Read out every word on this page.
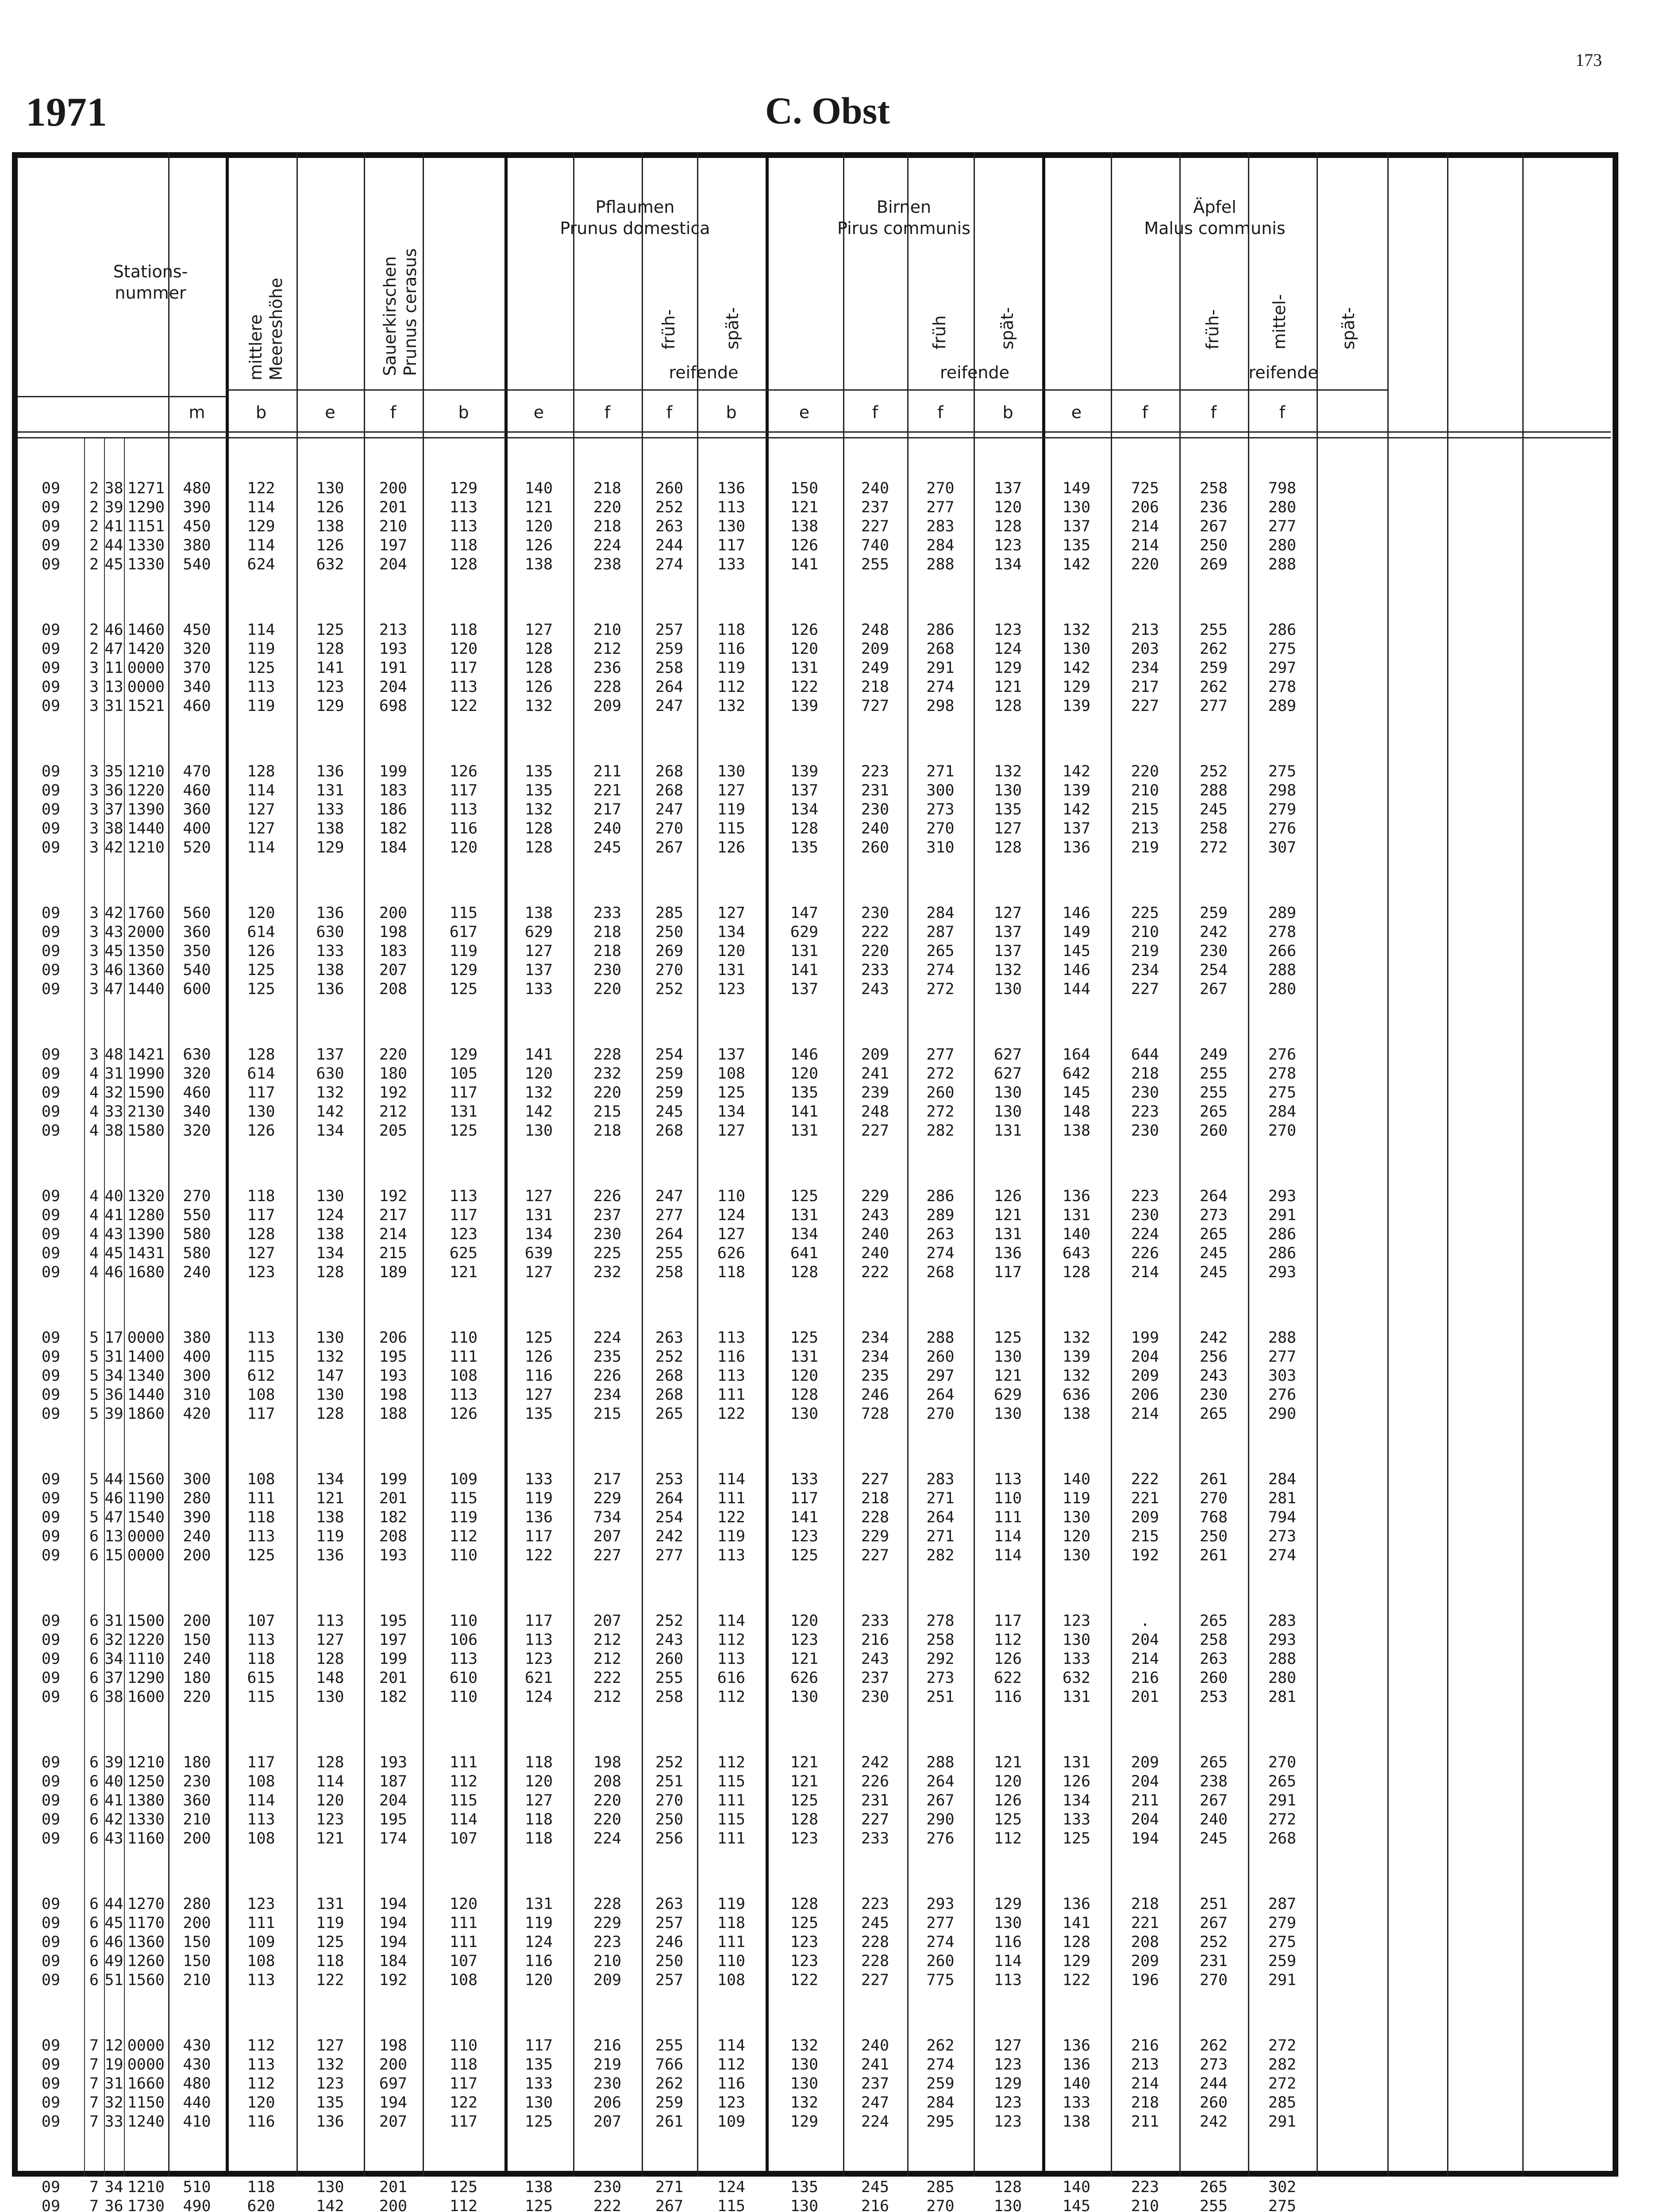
173
1971	C. Obst
Stations-
nummer
mittlere
Meereshöhe	Sauerkirschen
Prunus cerasus
Pflaumen
Prunus domestica
Birnen
Pirus communis
Äpfel
Malus communis
früh-	spät-	früh	spät-	früh-	mittel-	spät-
reifende	reifende	reifende
m	b	e	f	b	e	f	f	b	e	f	f	b	e	f	f	f
09	2 38 1271	480	122	130	200	129	140	218	260	136	150	240	270	137	149	725	258	798
09	2 39 1290	390	114	126	201	113	121	220	252	113	121	237	277	120	130	206	236	280
09	2 41 1151	450	129	138	210	113	120	218	263	130	138	227	283	128	137	214	267	277
09	2 44 1330	380	114	126	197	118	126	224	244	117	126	740	284	123	135	214	250	280
09	2 45 1330	540	624	632	204	128	138	238	274	133	141	255	288	134	142	220	269	288
09	2 46 1460	450	114	125	213	118	127	210	257	118	126	248	286	123	132	213	255	286
09	2 47 1420	320	119	128	193	120	128	212	259	116	120	209	268	124	130	203	262	275
09	3 11 0000	370	125	141	191	117	128	236	258	119	131	249	291	129	142	234	259	297
09	3 13 0000	340	113	123	204	113	126	228	264	112	122	218	274	121	129	217	262	278
09	3 31 1521	460	119	129	698	122	132	209	247	132	139	727	298	128	139	227	277	289
09	3 35 1210	470	128	136	199	126	135	211	268	130	139	223	271	132	142	220	252	275
09	3 36 1220	460	114	131	183	117	135	221	268	127	137	231	300	130	139	210	288	298
09	3 37 1390	360	127	133	186	113	132	217	247	119	134	230	273	135	142	215	245	279
09	3 38 1440	400	127	138	182	116	128	240	270	115	128	240	270	127	137	213	258	276
09	3 42 1210	520	114	129	184	120	128	245	267	126	135	260	310	128	136	219	272	307
09	3 42 1760	560	120	136	200	115	138	233	285	127	147	230	284	127	146	225	259	289
09	3 43 2000	360	614	630	198	617	629	218	250	134	629	222	287	137	149	210	242	278
09	3 45 1350	350	126	133	183	119	127	218	269	120	131	220	265	137	145	219	230	266
09	3 46 1360	540	125	138	207	129	137	230	270	131	141	233	274	132	146	234	254	288
09	3 47 1440	600	125	136	208	125	133	220	252	123	137	243	272	130	144	227	267	280
09	3 48 1421	630	128	137	220	129	141	228	254	137	146	209	277	627	164	644	249	276
09	4 31 1990	320	614	630	180	105	120	232	259	108	120	241	272	627	642	218	255	278
09	4 32 1590	460	117	132	192	117	132	220	259	125	135	239	260	130	145	230	255	275
09	4 33 2130	340	130	142	212	131	142	215	245	134	141	248	272	130	148	223	265	284
09	4 38 1580	320	126	134	205	125	130	218	268	127	131	227	282	131	138	230	260	270
09	4 40 1320	270	118	130	192	113	127	226	247	110	125	229	286	126	136	223	264	293
09	4 41 1280	550	117	124	217	117	131	237	277	124	131	243	289	121	131	230	273	291
09	4 43 1390	580	128	138	214	123	134	230	264	127	134	240	263	131	140	224	265	286
09	4 45 1431	580	127	134	215	625	639	225	255	626	641	240	274	136	643	226	245	286
09	4 46 1680	240	123	128	189	121	127	232	258	118	128	222	268	117	128	214	245	293
09	5 17 0000	380	113	130	206	110	125	224	263	113	125	234	288	125	132	199	242	288
09	5 31 1400	400	115	132	195	111	126	235	252	116	131	234	260	130	139	204	256	277
09	5 34 1340	300	612	147	193	108	116	226	268	113	120	235	297	121	132	209	243	303
09	5 36 1440	310	108	130	198	113	127	234	268	111	128	246	264	629	636	206	230	276
09	5 39 1860	420	117	128	188	126	135	215	265	122	130	728	270	130	138	214	265	290
09	5 44 1560	300	108	134	199	109	133	217	253	114	133	227	283	113	140	222	261	284
09	5 46 1190	280	111	121	201	115	119	229	264	111	117	218	271	110	119	221	270	281
09	5 47 1540	390	118	138	182	119	136	734	254	122	141	228	264	111	130	209	768	794
09	6 13 0000	240	113	119	208	112	117	207	242	119	123	229	271	114	120	215	250	273
09	6 15 0000	200	125	136	193	110	122	227	277	113	125	227	282	114	130	192	261	274
09	6 31 1500	200	107	113	195	110	117	207	252	114	120	233	278	117	123	.	265	283
09	6 32 1220	150	113	127	197	106	113	212	243	112	123	216	258	112	130	204	258	293
09	6 34 1110	240	118	128	199	113	123	212	260	113	121	243	292	126	133	214	263	288
09	6 37 1290	180	615	148	201	610	621	222	255	616	626	237	273	622	632	216	260	280
09	6 38 1600	220	115	130	182	110	124	212	258	112	130	230	251	116	131	201	253	281
09	6 39 1210	180	117	128	193	111	118	198	252	112	121	242	288	121	131	209	265	270
09	6 40 1250	230	108	114	187	112	120	208	251	115	121	226	264	120	126	204	238	265
09	6 41 1380	360	114	120	204	115	127	220	270	111	125	231	267	126	134	211	267	291
09	6 42 1330	210	113	123	195	114	118	220	250	115	128	227	290	125	133	204	240	272
09	6 43 1160	200	108	121	174	107	118	224	256	111	123	233	276	112	125	194	245	268
09	6 44 1270	280	123	131	194	120	131	228	263	119	128	223	293	129	136	218	251	287
09	6 45 1170	200	111	119	194	111	119	229	257	118	125	245	277	130	141	221	267	279
09	6 46 1360	150	109	125	194	111	124	223	246	111	123	228	274	116	128	208	252	275
09	6 49 1260	150	108	118	184	107	116	210	250	110	123	228	260	114	129	209	231	259
09	6 51 1560	210	113	122	192	108	120	209	257	108	122	227	775	113	122	196	270	291
09	7 12 0000	430	112	127	198	110	117	216	255	114	132	240	262	127	136	216	262	272
09	7 19 0000	430	113	132	200	118	135	219	766	112	130	241	274	123	136	213	273	282
09	7 31 1660	480	112	123	697	117	133	230	262	116	130	237	259	129	140	214	244	272
09	7 32 1150	440	120	135	194	122	130	206	259	123	132	247	284	123	133	218	260	285
09	7 33 1240	410	116	136	207	117	125	207	261	109	129	224	295	123	138	211	242	291
09	7 34 1210	510	118	130	201	125	138	230	271	124	135	245	285	128	140	223	265	302
09	7 36 1730	490	620	142	200	112	125	222	267	115	130	216	270	130	145	210	255	275
